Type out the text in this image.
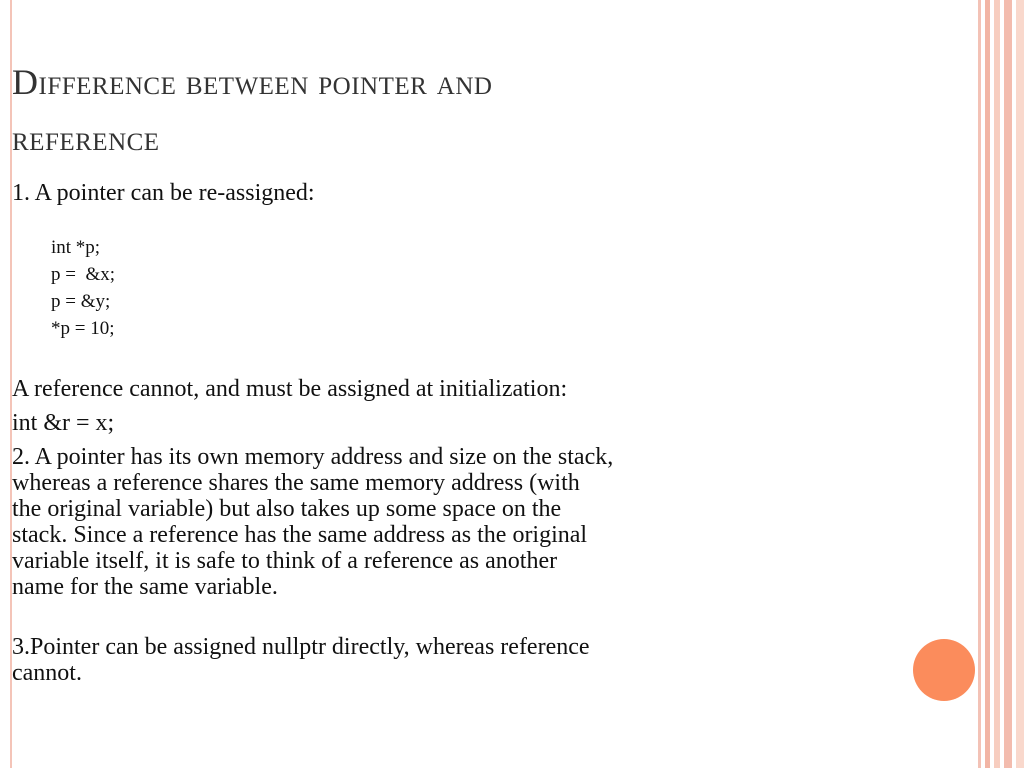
Difference between pointer and
reference

1. A pointer can be re-assigned:

int *p;
p =  &x;
p = &y;
*p = 10;

A reference cannot, and must be assigned at initialization:

int &r = x;

2. A pointer has its own memory address and size on the stack,
whereas a reference shares the same memory address (with
the original variable) but also takes up some space on the
stack. Since a reference has the same address as the original
variable itself, it is safe to think of a reference as another
name for the same variable.
3.Pointer can be assigned nullptr directly, whereas reference
cannot.
